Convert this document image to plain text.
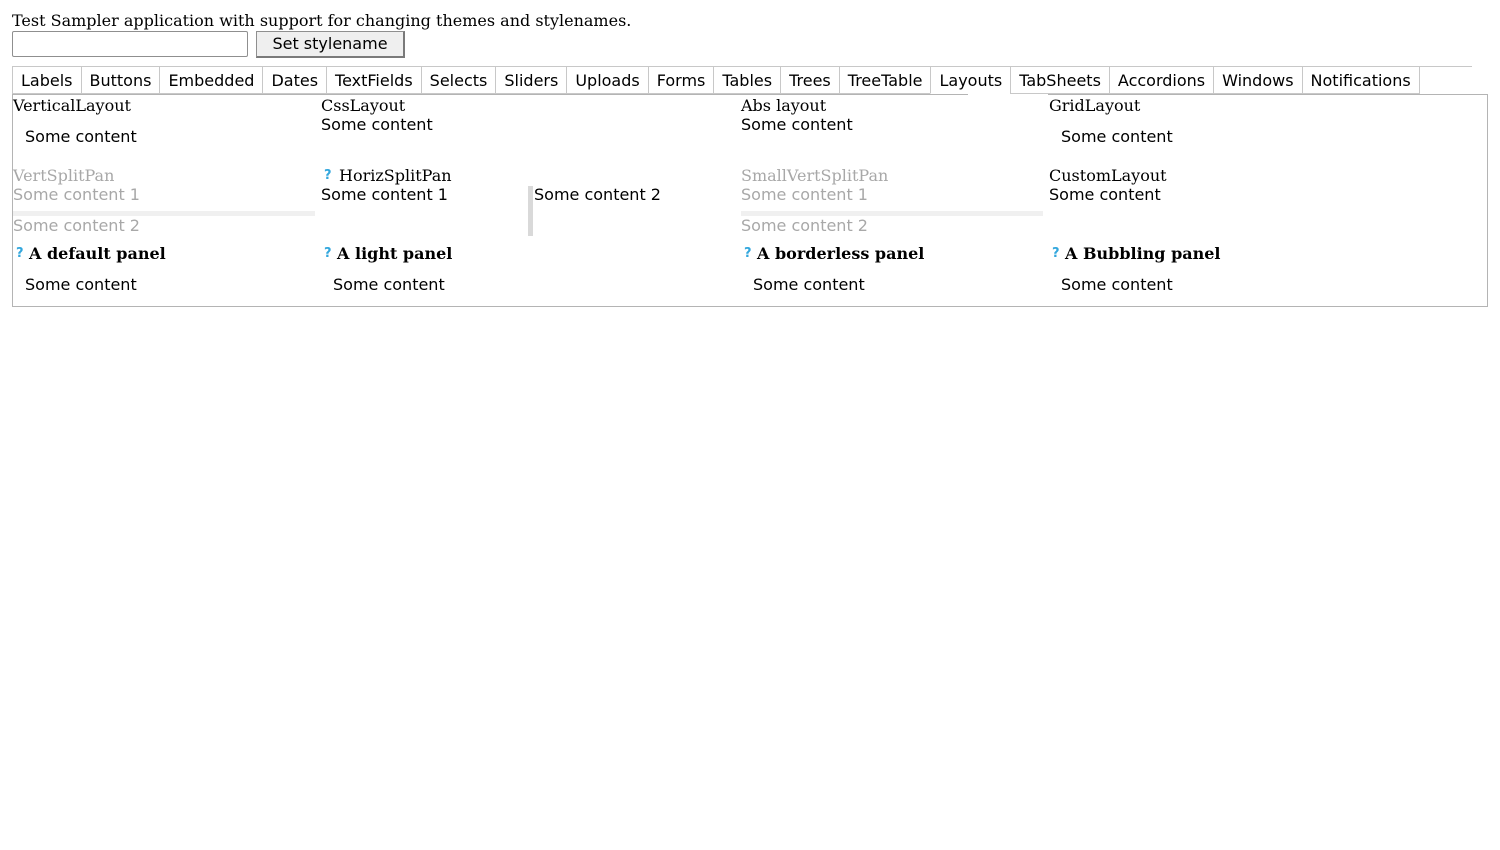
Test Sampler application with support for changing themes and stylenames.
Set stylename
Labels	Buttons	Embedded	Dates	TextFields	Selects	Sliders	Uploads	Forms	Tables	Trees	TreeTable	Layouts	TabSheets	Accordions	Windows	Notifications
VerticalLayout
Some content
CssLayout
Some content
Abs layout
Some content
GridLayout
Some content
VertSplitPan
Some content 1
Some content 2
? HorizSplitPan
Some content 1	Some content 2
SmallVertSplitPan
Some content 1
Some content 2
CustomLayout
Some content
? A default panel
Some content
? A light panel
Some content
? A borderless panel
Some content
? A Bubbling panel
Some content
